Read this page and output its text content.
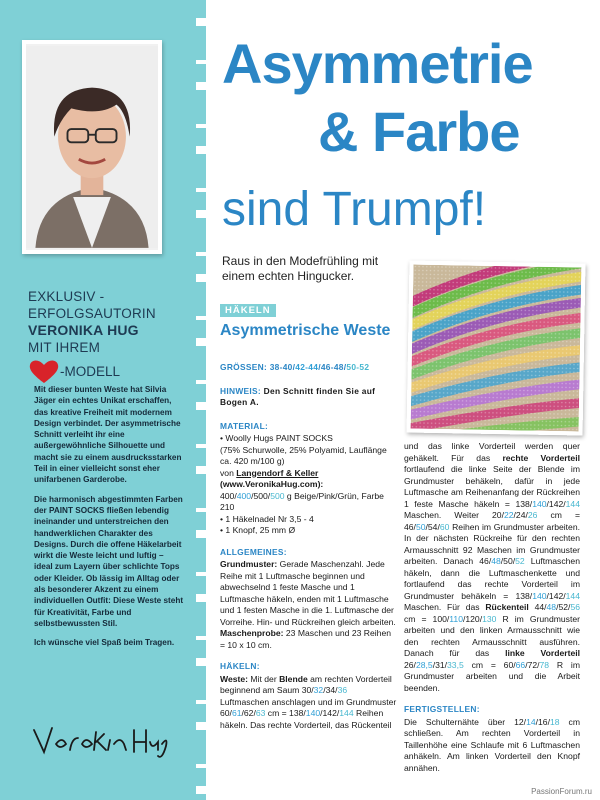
EXKLUSIV -
ERFOLGSAUTORIN
VERONIKA HUG
MIT IHREM
-MODELL

Mit dieser bunten Weste hat Silvia Jäger ein echtes Unikat erschaffen, das kreative Freiheit mit modernem Design verbindet. Der asymmetrische Schnitt verleiht ihr eine außergewöhnliche Silhouette und macht sie zu einem ausdrucksstarken Teil in einer vielleicht sonst eher unifarbenen Garderobe.

Die harmonisch abgestimmten Farben der PAINT SOCKS fließen lebendig ineinander und unterstreichen den handwerklichen Charakter des Designs. Durch die offene Häkelarbeit wirkt die Weste leicht und luftig – ideal zum Layern über schlichte Tops oder Kleider. Ob lässig im Alltag oder als besonderer Akzent zu einem individuellen Outfit: Diese Weste steht für Kreativität, Farbe und selbstbewussten Stil.

Ich wünsche viel Spaß beim Tragen.

Asymmetrie
& Farbe
sind Trumpf!
Raus in den Modefrühling mit einem echten Hingucker.
HÄKELN
Asymmetrische Weste
GRÖSSEN: 38-40/42-44/46-48/50-52
HINWEIS: Den Schnitt finden Sie auf Bogen A.
MATERIAL:
• Woolly Hugs PAINT SOCKS
(75% Schurwolle, 25% Polyamid, Lauflänge ca. 420 m/100 g)
von Langendorf & Keller
(www.VeronikaHug.com):
400/400/500/500 g Beige/Pink/Grün, Farbe 210
• 1 Häkelnadel Nr 3,5 - 4
• 1 Knopf, 25 mm Ø
ALLGEMEINES:
Grundmuster: Gerade Maschenzahl. Jede Reihe mit 1 Luftmasche beginnen und abwechselnd 1 feste Masche und 1 Luftmasche häkeln, enden mit 1 Luftmasche und 1 festen Masche in die 1. Luftmasche der Vorreihe. Hin- und Rückreihen gleich arbeiten.
Maschenprobe: 23 Maschen und 23 Reihen = 10 x 10 cm.
HÄKELN:
Weste: Mit der Blende am rechten Vorderteil beginnend am Saum 30/32/34/36 Luftmaschen anschlagen und im Grundmuster 60/61/62/63 cm = 138/140/142/144 Reihen häkeln. Das rechte Vorderteil, das Rückenteil
und das linke Vorderteil werden quer gehäkelt. Für das rechte Vorderteil fortlaufend die linke Seite der Blende im Grundmuster behäkeln, dafür in jede Luftmasche am Reihenanfang der Rückreihen 1 feste Masche häkeln = 138/140/142/144 Maschen. Weiter 20/22/24/26 cm = 46/50/54/60 Reihen im Grundmuster arbeiten. In der nächsten Rückreihe für den rechten Armausschnitt 92 Maschen im Grundmuster arbeiten. Danach 46/48/50/52 Luftmaschen häkeln, dann die Luftmaschenkette und fortlaufend das rechte Vorderteil im Grundmuster behäkeln = 138/140/142/144 Maschen. Für das Rückenteil 44/48/52/56 cm = 100/110/120/130 R im Grundmuster arbeiten und den linken Armausschnitt wie den rechten Armausschnitt ausführen. Danach für das linke Vorderteil 26/28,5/31/33,5 cm = 60/66/72/78 R im Grundmuster arbeiten und die Arbeit beenden.
FERTIGSTELLEN:
Die Schulternähte über 12/14/16/18 cm schließen. Am rechten Vorderteil in Taillenhöhe eine Schlaufe mit 6 Luftmaschen anhäkeln. Am linken Vorderteil den Knopf annähen.
PassionForum.ru
